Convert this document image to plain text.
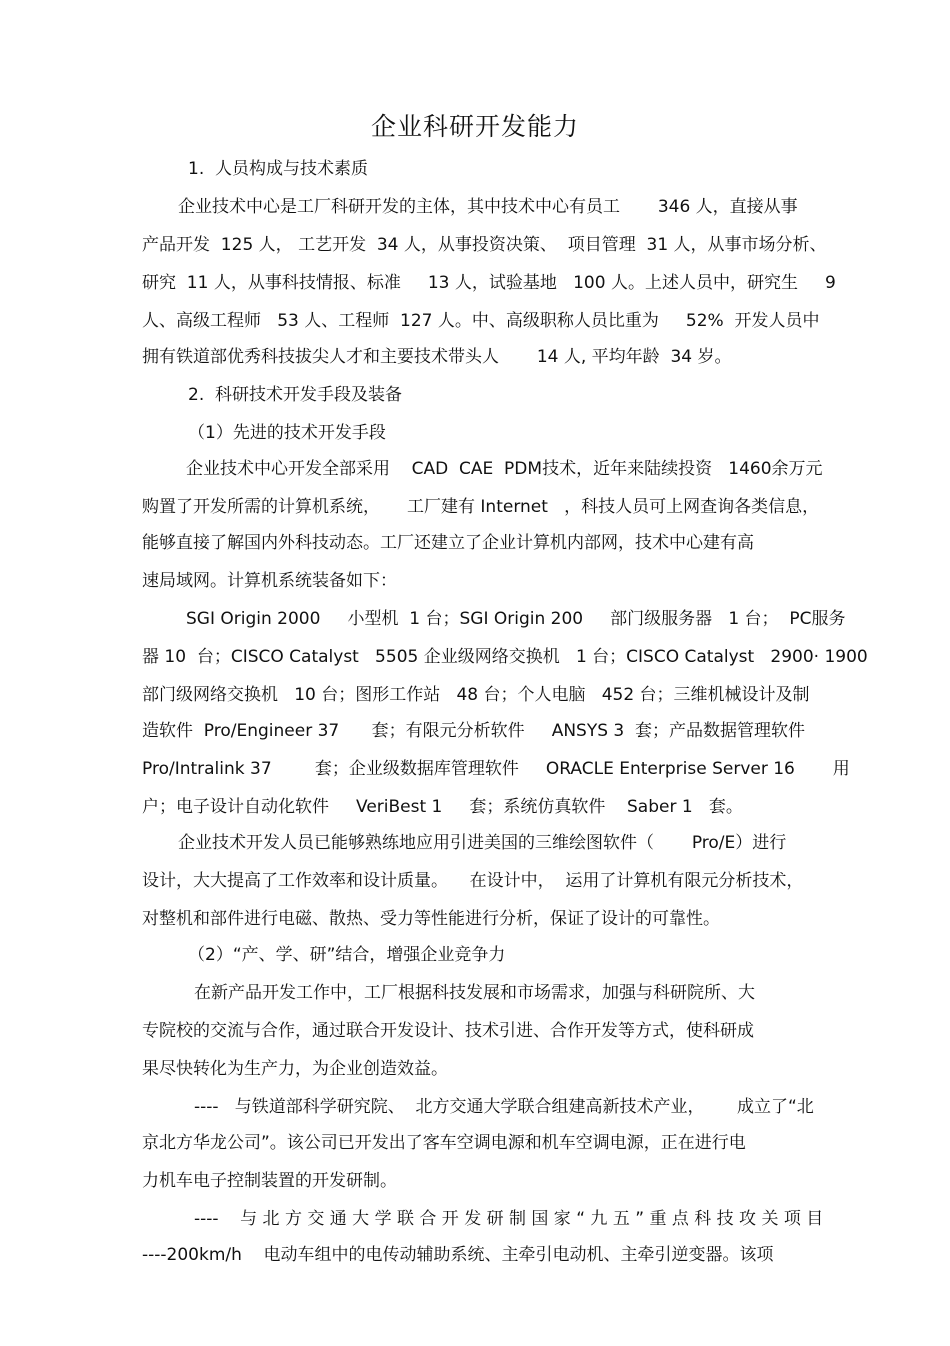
企业科研开发能力
1.  人员构成与技术素质
企业技术中心是工厂科研开发的主体，其中技术中心有员工       346 人，直接从事
产品开发  125 人， 工艺开发  34 人，从事投资决策、  项目管理  31 人，从事市场分析、
研究  11 人，从事科技情报、标准     13 人，试验基地   100 人。上述人员中，研究生     9
人、高级工程师   53 人、工程师  127 人。中、高级职称人员比重为     52%  开发人员中
拥有铁道部优秀科技拔尖人才和主要技术带头人       14 人, 平均年龄  34 岁。
2.  科研技术开发手段及装备
（1）先进的技术开发手段
企业技术中心开发全部采用    CAD  CAE  PDM技术，近年来陆续投资   1460余万元
购置了开发所需的计算机系统，     工厂建有 Internet   ，科技人员可上网查询各类信息，
能够直接了解国内外科技动态。工厂还建立了企业计算机内部网，技术中心建有高
速局域网。计算机系统装备如下：
SGI Origin 2000     小型机  1 台；SGI Origin 200     部门级服务器   1 台；  PC服务
器 10  台；CISCO Catalyst   5505 企业级网络交换机   1 台；CISCO Catalyst   2900· 1900
部门级网络交换机   10 台；图形工作站   48 台；个人电脑   452 台；三维机械设计及制
造软件  Pro/Engineer 37      套；有限元分析软件     ANSYS 3  套；产品数据管理软件
Pro/Intralink 37        套；企业级数据库管理软件     ORACLE Enterprise Server 16       用
户；电子设计自动化软件     VeriBest 1     套；系统仿真软件    Saber 1   套。
企业技术开发人员已能够熟练地应用引进美国的三维绘图软件（       Pro/E）进行
设计，大大提高了工作效率和设计质量。    在设计中，  运用了计算机有限元分析技术，
对整机和部件进行电磁、散热、受力等性能进行分析，保证了设计的可靠性。
（2）“产、学、研”结合，增强企业竞争力
在新产品开发工作中，工厂根据科技发展和市场需求，加强与科研院所、大
专院校的交流与合作，通过联合开发设计、技术引进、合作开发等方式，使科研成
果尽快转化为生产力，为企业创造效益。
----   与铁道部科学研究院、  北方交通大学联合组建高新技术产业，      成立了“北
京北方华龙公司”。该公司已开发出了客车空调电源和机车空调电源，正在进行电
力机车电子控制装置的开发研制。
----    与 北 方 交 通 大 学 联 合 开 发 研 制 国 家 “ 九 五 ” 重 点 科 技 攻 关 项 目
----200km/h    电动车组中的电传动辅助系统、主牵引电动机、主牵引逆变器。该项
